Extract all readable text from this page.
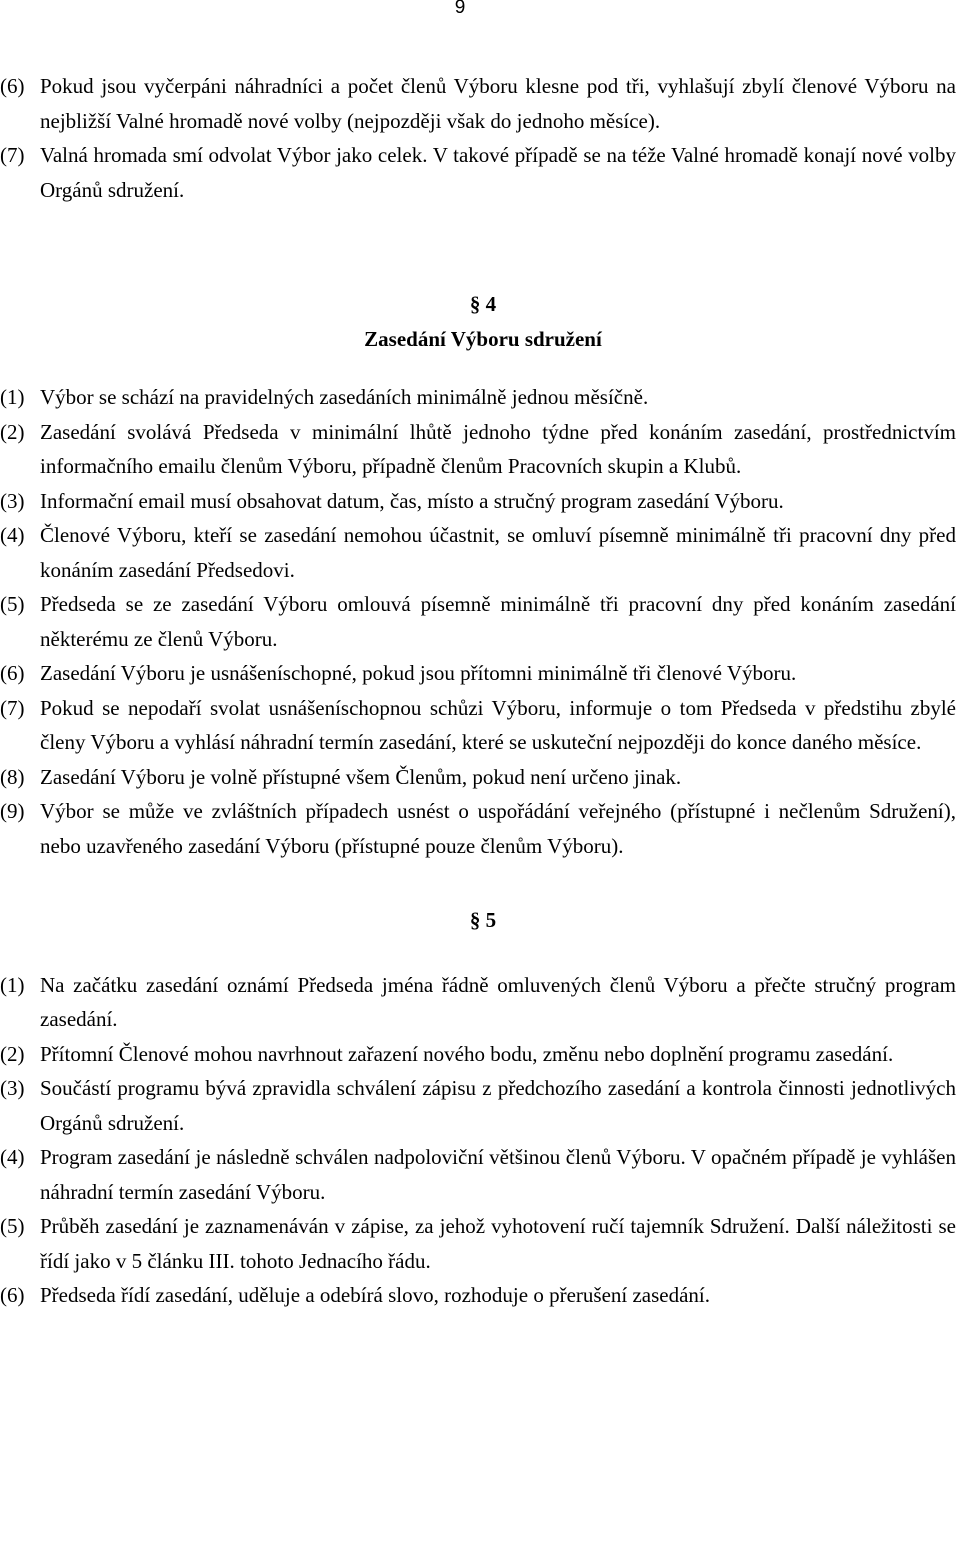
9
(6) Pokud jsou vyčerpáni náhradníci a počet členů Výboru klesne pod tři, vyhlašují zbylí členové Výboru na nejbližší Valné hromadě nové volby (nejpozději však do jednoho měsíce).
(7) Valná hromada smí odvolat Výbor jako celek. V takové případě se na téže Valné hromadě konají nové volby Orgánů sdružení.
§ 4
Zasedání Výboru sdružení
(1) Výbor se schází na pravidelných zasedáních minimálně jednou měsíčně.
(2) Zasedání svolává Předseda v minimální lhůtě jednoho týdne před konáním zasedání, prostřednictvím informačního emailu členům Výboru, případně členům Pracovních skupin a Klubů.
(3) Informační email musí obsahovat datum, čas, místo a stručný program zasedání Výboru.
(4) Členové Výboru, kteří se zasedání nemohou účastnit, se omluví písemně minimálně tři pracovní dny před konáním zasedání Předsedovi.
(5) Předseda se ze zasedání Výboru omlouvá písemně minimálně tři pracovní dny před konáním zasedání některému ze členů Výboru.
(6) Zasedání Výboru je usnášeníschopné, pokud jsou přítomni minimálně tři členové Výboru.
(7) Pokud se nepodaří svolat usnášeníschopnou schůzi Výboru, informuje o tom Předseda v předstihu zbylé členy Výboru a vyhlásí náhradní termín zasedání, které se uskuteční nejpozději do konce daného měsíce.
(8) Zasedání Výboru je volně přístupné všem Členům, pokud není určeno jinak.
(9) Výbor se může ve zvláštních případech usnést o uspořádání veřejného (přístupné i nečlenům Sdružení), nebo uzavřeného zasedání Výboru (přístupné pouze členům Výboru).
§ 5
(1) Na začátku zasedání oznámí Předseda jména řádně omluvených členů Výboru a přečte stručný program zasedání.
(2) Přítomní Členové mohou navrhnout zařazení nového bodu, změnu nebo doplnění programu zasedání.
(3) Součástí programu bývá zpravidla schválení zápisu z předchozího zasedání a kontrola činnosti jednotlivých Orgánů sdružení.
(4) Program zasedání je následně schválen nadpoloviční většinou členů Výboru. V opačném případě je vyhlášen náhradní termín zasedání Výboru.
(5) Průběh zasedání je zaznamenáván v zápise, za jehož vyhotovení ručí tajemník Sdružení. Další náležitosti se řídí jako v 5 článku III. tohoto Jednacího řádu.
(6) Předseda řídí zasedání, uděluje a odebírá slovo, rozhoduje o přerušení zasedání.
